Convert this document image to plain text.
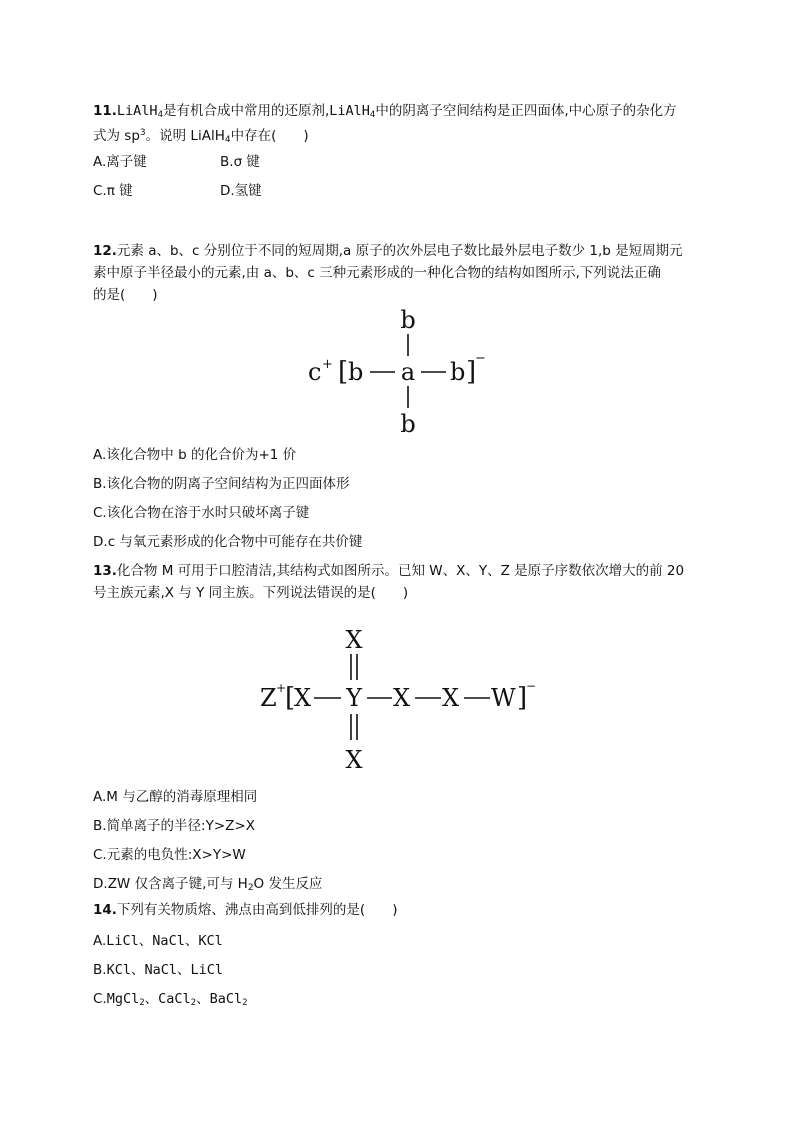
11.LiAlH$_4$是有机合成中常用的还原剂,LiAlH$_4$中的阴离子空间结构是正四面体,中心原子的杂化方
式为 $sp^3$。说明 LiAlH$_4$中存在(　　)
A.离子键	B.σ 键
C.π 键	D.氢键
12.元素 a、b、c 分别位于不同的短周期,a 原子的次外层电子数比最外层电子数少 1,b 是短周期元
素中原子半径最小的元素,由 a、b、c 三种元素形成的一种化合物的结构如图所示,下列说法正确
的是(　　)
b
c + [ b a b ]
−
b
A.该化合物中 b 的化合价为+1 价
B.该化合物的阴离子空间结构为正四面体形
C.该化合物在溶于水时只破坏离子键
D.c 与氧元素形成的化合物中可能存在共价键
13.化合物 M 可用于口腔清洁,其结构式如图所示。已知 W、X、Y、Z 是原子序数依次增大的前 20
号主族元素,X 与 Y 同主族。下列说法错误的是(　　)
X
Z +
[
X Y X X W ]
−
X
A.M 与乙醇的消毒原理相同
B.简单离子的半径:Y>Z>X
C.元素的电负性:X>Y>W
D.ZW 仅含离子键,可与 $H_2O$ 发生反应
14.下列有关物质熔、沸点由高到低排列的是(　　)
A.LiCl、NaCl、KCl
B.KCl、NaCl、LiCl
C.MgCl$_2$、CaCl$_2$、BaCl$_2$
